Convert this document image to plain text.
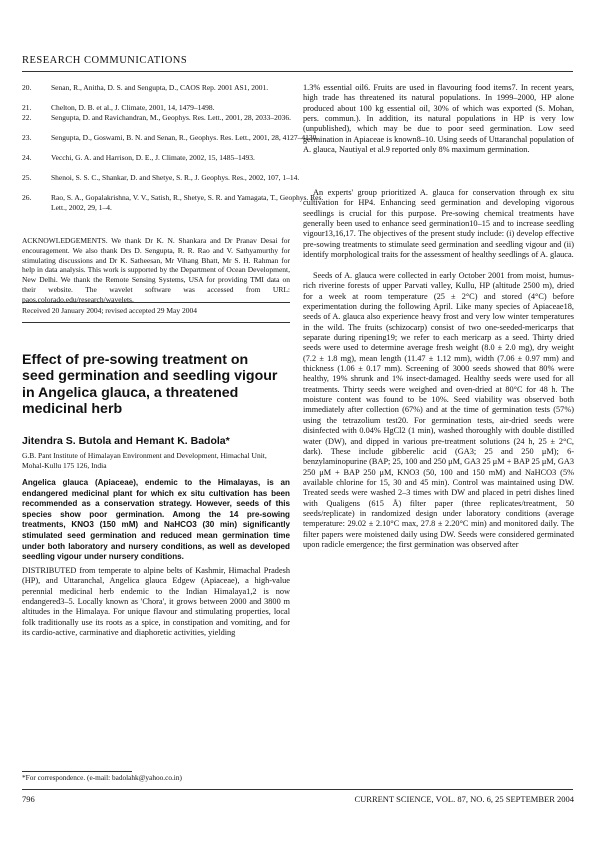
RESEARCH COMMUNICATIONS
20.	Senan, R., Anitha, D. S. and Sengupta, D., CAOS Rep. 2001 AS1, 2001.
21.	Chelton, D. B. et al., J. Climate, 2001, 14, 1479–1498.
22.	Sengupta, D. and Ravichandran, M., Geophys. Res. Lett., 2001, 28, 2033–2036.
23.	Sengupta, D., Goswami, B. N. and Senan, R., Geophys. Res. Lett., 2001, 28, 4127–4130.
24.	Vecchi, G. A. and Harrison, D. E., J. Climate, 2002, 15, 1485–1493.
25.	Shenoi, S. S. C., Shankar, D. and Shetye, S. R., J. Geophys. Res., 2002, 107, 1–14.
26.	Rao, S. A., Gopalakrishna, V. V., Satish, R., Shetye, S. R. and Yamagata, T., Geophys. Res. Lett., 2002, 29, 1–4.
ACKNOWLEDGEMENTS. We thank Dr K. N. Shankara and Dr Pranav Desai for encouragement. We also thank Drs D. Sengupta, R. R. Rao and V. Sathyamurthy for stimulating discussions and Dr K. Satheesan, Mr Vihang Bhatt, Mr S. H. Rahman for help in data analysis. This work is supported by the Department of Ocean Development, New Delhi. We thank the Remote Sensing Systems, USA for providing TMI data on their website. The wavelet software was accessed from URL: paos.colorado.edu/research/wavelets.
Received 20 January 2004; revised accepted 29 May 2004
Effect of pre-sowing treatment on seed germination and seedling vigour in Angelica glauca, a threatened medicinal herb
Jitendra S. Butola and Hemant K. Badola*
G.B. Pant Institute of Himalayan Environment and Development, Himachal Unit, Mohal-Kullu 175 126, India
Angelica glauca (Apiaceae), endemic to the Himalayas, is an endangered medicinal plant for which ex situ cultivation has been recommended as a conservation strategy. However, seeds of this species show poor germination. Among the 14 pre-sowing treatments, KNO3 (150 mM) and NaHCO3 (30 min) significantly stimulated seed germination and reduced mean germination time under both laboratory and nursery conditions, as well as developed seedling vigour under nursery conditions.
DISTRIBUTED from temperate to alpine belts of Kashmir, Himachal Pradesh (HP), and Uttaranchal, Angelica glauca Edgew (Apiaceae), a high-value perennial medicinal herb endemic to the Indian Himalaya1,2 is now endangered3–5. Locally known as 'Chora', it grows between 2000 and 3800 m altitudes in the Himalaya. For unique flavour and stimulating properties, local folk traditionally use its roots as a spice, in constipation and vomiting, and for its cardio-active, carminative and diaphoretic activities, yielding
*For correspondence. (e-mail: badolahk@yahoo.co.in)
1.3% essential oil6. Fruits are used in flavouring food items7. In recent years, high trade has threatened its natural populations. In 1999–2000, HP alone produced about 100 kg essential oil, 30% of which was exported (S. Mohan, pers. commun.). In addition, its natural populations in HP is very low (unpublished), which may be due to poor seed germination. Low seed germination in Apiaceae is known8–10. Using seeds of Uttaranchal population of A. glauca, Nautiyal et al.9 reported only 8% maximum germination.
An experts' group prioritized A. glauca for conservation through ex situ cultivation for HP4. Enhancing seed germination and developing vigorous seedlings is crucial for this purpose. Pre-sowing chemical treatments have generally been used to enhance seed germination10–15 and to increase seedling vigour13,16,17. The objectives of the present study include: (i) develop effective pre-sowing treatments to stimulate seed germination and seedling vigour and (ii) identify morphological traits for the assessment of healthy seedlings of A. glauca.
Seeds of A. glauca were collected in early October 2001 from moist, humus-rich riverine forests of upper Parvati valley, Kullu, HP (altitude 2500 m), dried for a week at room temperature (25 ± 2°C) and stored (4°C) before experimentation during the following April. Like many species of Apiaceae18, seeds of A. glauca also experience heavy frost and very low winter temperatures in the wild. The fruits (schizocarp) consist of two one-seeded-mericarps that separate during ripening19; we refer to each mericarp as a seed. Thirty dried seeds were used to determine average fresh weight (8.0 ± 2.0 mg), dry weight (7.2 ± 1.8 mg), mean length (11.47 ± 1.12 mm), width (7.06 ± 0.97 mm) and thickness (1.06 ± 0.17 mm). Screening of 3000 seeds showed that 80% were healthy, 19% shrunk and 1% insect-damaged. Healthy seeds were used for all treatments. Thirty seeds were weighed and oven-dried at 80°C for 48 h. The moisture content was found to be 10%. Seed viability was observed both immediately after collection (67%) and at the time of germination tests (57%) using the tetrazolium test20. For germination tests, air-dried seeds were disinfected with 0.04% HgCl2 (1 min), washed thoroughly with double distilled water (DW), and dipped in various pre-treatment solutions (24 h, 25 ± 2°C, dark). These include gibberelic acid (GA3; 25 and 250 μM); 6-benzylaminopurine (BAP; 25, 100 and 250 μM, GA3 25 μM + BAP 25 μM, GA3 250 μM + BAP 250 μM, KNO3 (50, 100 and 150 mM) and NaHCO3 (5% available chlorine for 15, 30 and 45 min). Control was maintained using DW. Treated seeds were washed 2–3 times with DW and placed in petri dishes lined with Qualigens (615 Å) filter paper (three replicates/treatment, 50 seeds/replicate) in randomized design under laboratory conditions (average temperature: 29.02 ± 2.10°C max, 27.8 ± 2.20°C min) and monitored daily. The filter papers were moistened daily using DW. Seeds were considered germinated upon radicle emergence; the first germination was observed after
796	CURRENT SCIENCE, VOL. 87, NO. 6, 25 SEPTEMBER 2004
